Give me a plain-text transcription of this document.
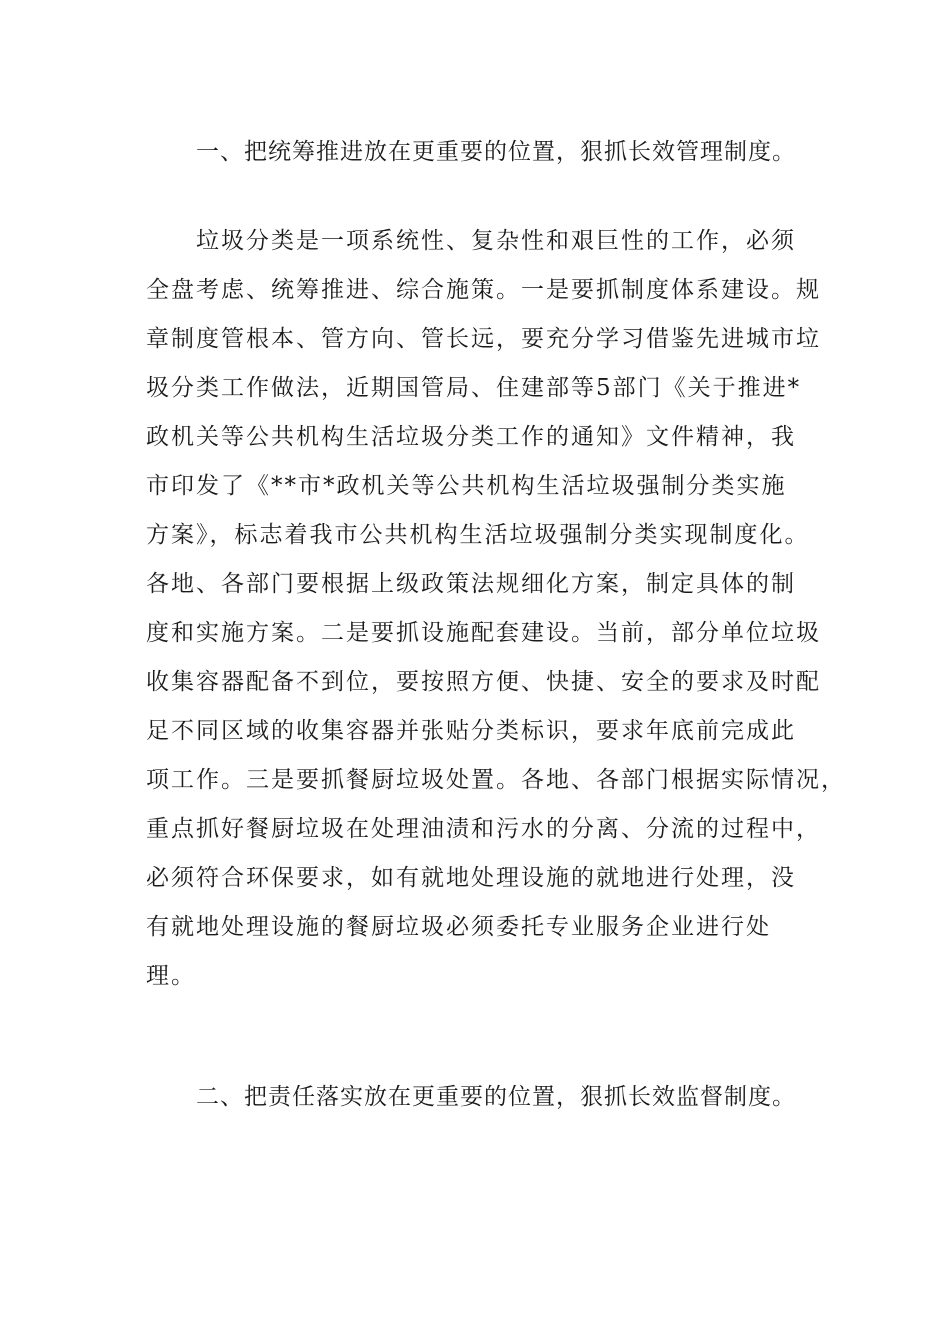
一、把统筹推进放在更重要的位置，狠抓长效管理制度。
垃圾分类是一项系统性、复杂性和艰巨性的工作，必须
全盘考虑、统筹推进、综合施策。一是要抓制度体系建设。规
章制度管根本、管方向、管长远，要充分学习借鉴先进城市垃
圾分类工作做法，近期国管局、住建部等5部门《关于推进*
政机关等公共机构生活垃圾分类工作的通知》文件精神，我
市印发了《**市*政机关等公共机构生活垃圾强制分类实施
方案》，标志着我市公共机构生活垃圾强制分类实现制度化。
各地、各部门要根据上级政策法规细化方案，制定具体的制
度和实施方案。二是要抓设施配套建设。当前，部分单位垃圾
收集容器配备不到位，要按照方便、快捷、安全的要求及时配
足不同区域的收集容器并张贴分类标识，要求年底前完成此
项工作。三是要抓餐厨垃圾处置。各地、各部门根据实际情况，
重点抓好餐厨垃圾在处理油渍和污水的分离、分流的过程中，
必须符合环保要求，如有就地处理设施的就地进行处理，没
有就地处理设施的餐厨垃圾必须委托专业服务企业进行处
理。
二、把责任落实放在更重要的位置，狠抓长效监督制度。
